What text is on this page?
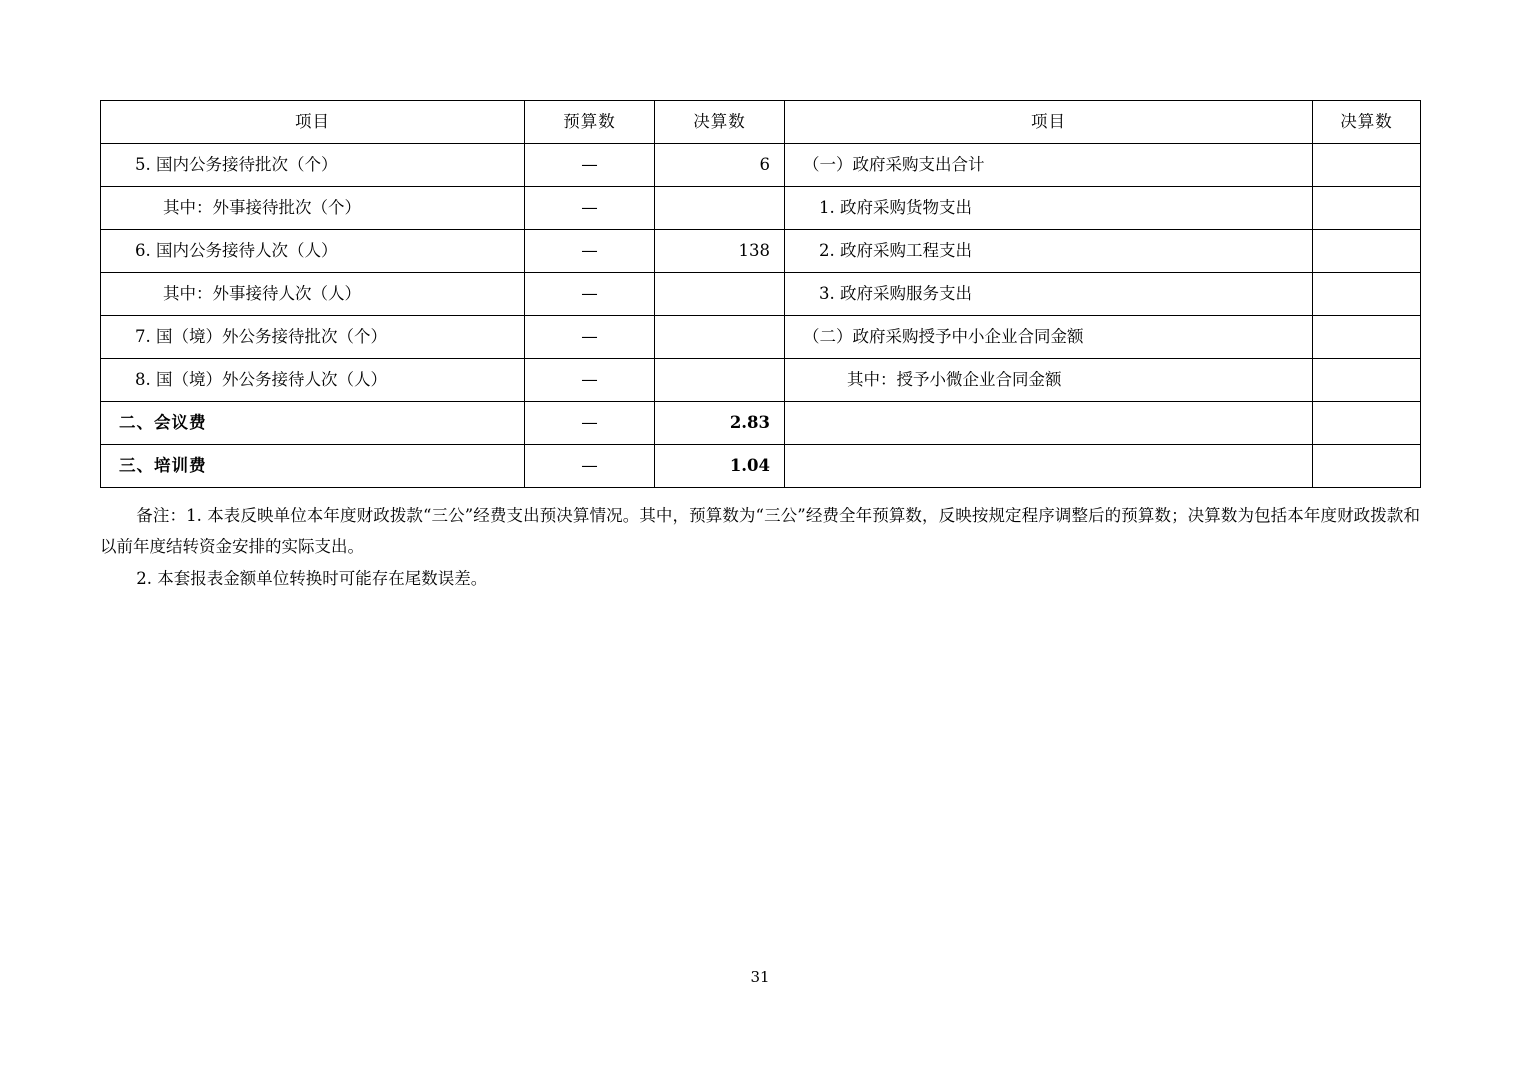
项目	预算数	决算数	项目	决算数

5. 国内公务接待批次（个）	—	6	（一）政府采购支出合计	

其中：外事接待批次（个）	—		1. 政府采购货物支出	

6. 国内公务接待人次（人）	—	138	2. 政府采购工程支出	

其中：外事接待人次（人）	—		3. 政府采购服务支出	

7. 国（境）外公务接待批次（个）	—		（二）政府采购授予中小企业合同金额	

8. 国（境）外公务接待人次（人）	—		其中：授予小微企业合同金额	

二、会议费	—	2.83		

三、培训费	—	1.04		

备注：1. 本表反映单位本年度财政拨款“三公”经费支出预决算情况。其中，预算数为“三公”经费全年预算数，反映按规定程序调整后的预算数；决算数为包括本年度财政拨款和以前年度结转资金安排的实际支出。

2. 本套报表金额单位转换时可能存在尾数误差。

31
